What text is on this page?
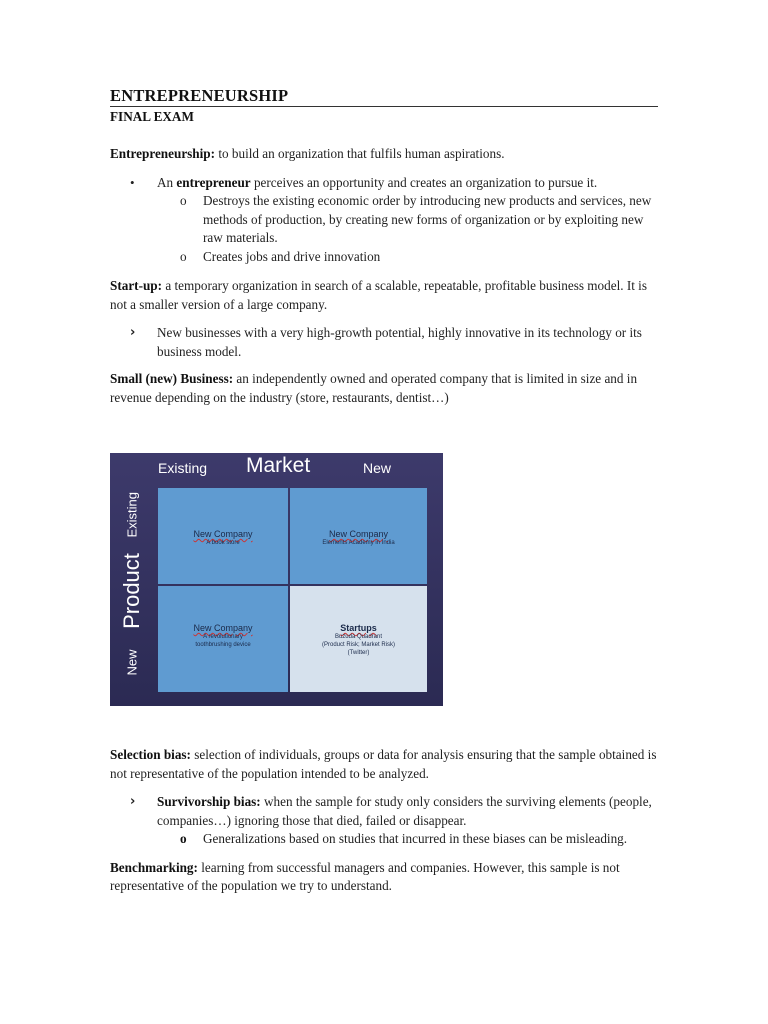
ENTREPRENEURSHIP
FINAL EXAM

Entrepreneurship: to build an organization that fulfils human aspirations.

• An entrepreneur perceives an opportunity and creates an organization to pursue it.
o Destroys the existing economic order by introducing new products and services, new methods of production, by creating new forms of organization or by exploiting new raw materials.
o Creates jobs and drive innovation

Start-up: a temporary organization in search of a scalable, repeatable, profitable business model. It is not a smaller version of a large company.

› New businesses with a very high-growth potential, highly innovative in its technology or its business model.

Small (new) Business: an independently owned and operated company that is limited in size and in revenue depending on the industry (store, restaurants, dentist…)

Existing Market	New
Existing
Product
New
New Company
A book store
New Company
Elements Academy in India
New Company
A revolutionary
toothbrushing device
Startups
Buzuda Quadrant
(Product Risk; Market Risk)
(Twitter)

Selection bias: selection of individuals, groups or data for analysis ensuring that the sample obtained is not representative of the population intended to be analyzed.

› Survivorship bias: when the sample for study only considers the surviving elements (people, companies…) ignoring those that died, failed or disappear.
o Generalizations based on studies that incurred in these biases can be misleading.

Benchmarking: learning from successful managers and companies. However, this sample is not representative of the population we try to understand.
